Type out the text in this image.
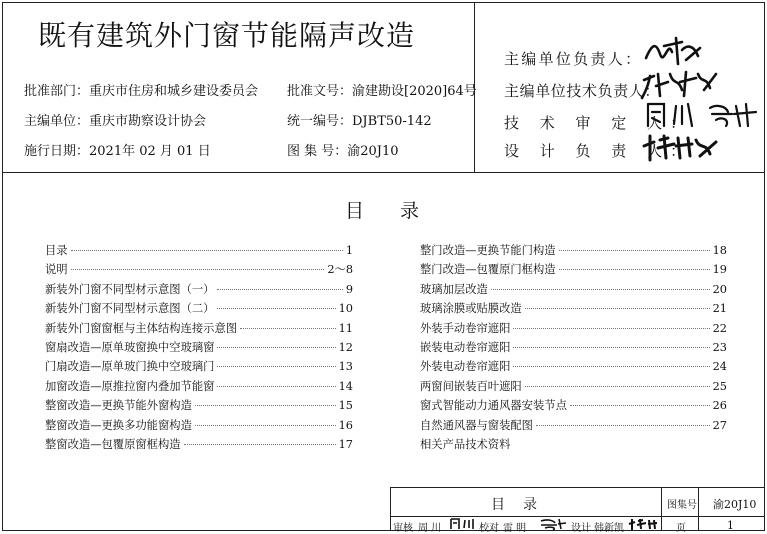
既有建筑外门窗节能隔声改造
批准部门：重庆市住房和城乡建设委员会
主编单位：重庆市勘察设计协会
施行日期：2021年 02 月 01 日
批准文号：渝建勘设[2020]64号
统一编号：DJBT50-142
图 集 号：渝20J10
主编单位负责人：
主编单位技术负责人：
技 术 审 定 人：
设 计 负 责 人：
目录
目录	1
说明	2～8
新装外门窗不同型材示意图（一）	9
新装外门窗不同型材示意图（二）	10
新装外门窗窗框与主体结构连接示意图	11
窗扇改造—原单玻窗换中空玻璃窗	12
门扇改造—原单玻门换中空玻璃门	13
加窗改造—原推拉窗内叠加节能窗	14
整窗改造—更换节能外窗构造	15
整窗改造—更换多功能窗构造	16
整窗改造—包覆原窗框构造	17
整门改造—更换节能门构造	18
整门改造—包覆原门框构造	19
玻璃加层改造	20
玻璃涂膜或贴膜改造	21
外装手动卷帘遮阳	22
嵌装电动卷帘遮阳	23
外装电动卷帘遮阳	24
两窗间嵌装百叶遮阳	25
窗式智能动力通风器安装节点	26
自然通风器与窗装配图	27
相关产品技术资料
目　录	图集号 渝20J10
审核 周 川	校对 雷 明	设计 韩新凯	页	1
